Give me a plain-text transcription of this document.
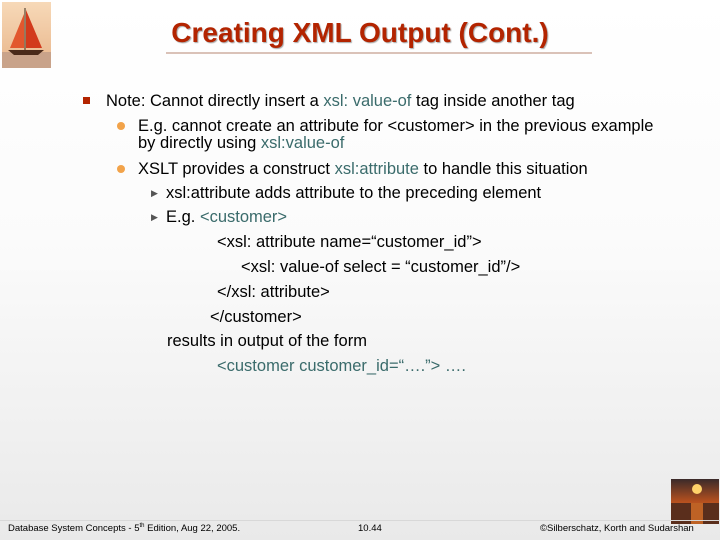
Creating XML Output (Cont.)
Note: Cannot directly insert a xsl: value-of tag inside another tag
E.g. cannot create an attribute for <customer> in the previous example
by directly using xsl:value-of
XSLT provides a construct xsl:attribute to handle this situation
▶ xsl:attribute adds attribute to the preceding element
▶ E.g. <customer>
<xsl: attribute name=“customer_id”>
<xsl: value-of select = “customer_id”/>
</xsl: attribute>
</customer>
results in output of the form
<customer customer_id=“….”> ….
Database System Concepts - 5th Edition, Aug 22, 2005.	10.44	©Silberschatz, Korth and Sudarshan
